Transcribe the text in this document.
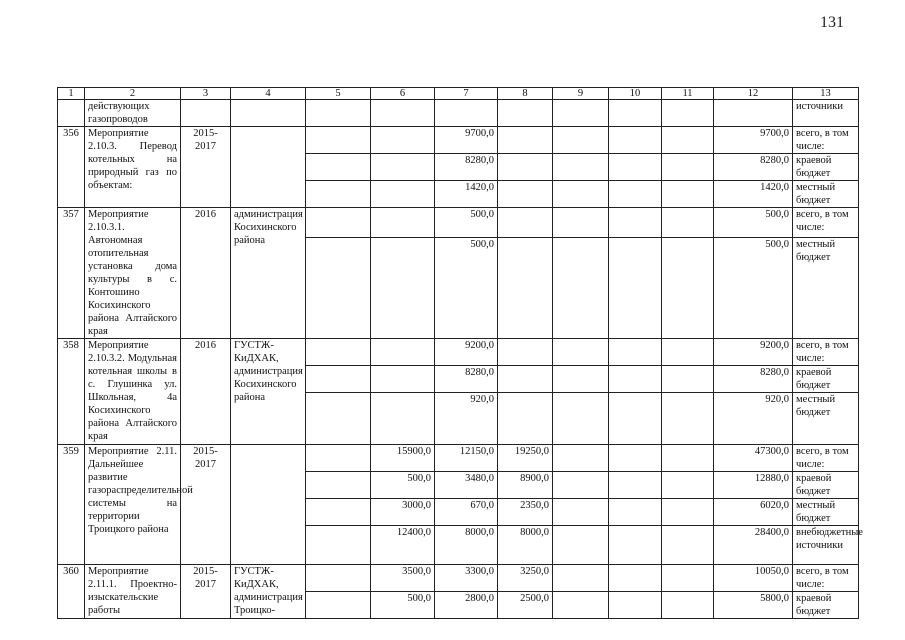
131
1	2	3	4	5	6	7	8	9	10	11	12	13
	действующих газопроводов											источники
356	Мероприятие 2.10.3. Перевод котельных на природный газ по объектам:	2015-2017				9700,0					9700,0	всего, в том числе:
						8280,0					8280,0	краевой бюджет
						1420,0					1420,0	местный бюджет
357	Мероприятие 2.10.3.1. Автономная отопительная установка дома культуры в с. Контошино Косихинского района Алтайского края	2016	администрация Косихинского района			500,0					500,0	всего, в том числе:
						500,0					500,0	местный бюджет
358	Мероприятие 2.10.3.2. Модульная котельная школы в с. Глушинка ул. Школьная, 4а Косихинского района Алтайского края	2016	ГУСТЖ-КиДХАК, администрация Косихинского района			9200,0					9200,0	всего, в том числе:
						8280,0					8280,0	краевой бюджет
						920,0					920,0	местный бюджет
359	Мероприятие 2.11. Дальнейшее развитие газораспределительной системы на территории Троицкого района	2015-2017			15900,0	12150,0	19250,0				47300,0	всего, в том числе:
					500,0	3480,0	8900,0				12880,0	краевой бюджет
					3000,0	670,0	2350,0				6020,0	местный бюджет
					12400,0	8000,0	8000,0				28400,0	внебюджетные источники
360	Мероприятие 2.11.1. Проектно-изыскательские работы	2015-2017	ГУСТЖ-КиДХАК, администрация Троицко-		3500,0	3300,0	3250,0				10050,0	всего, в том числе:
					500,0	2800,0	2500,0				5800,0	краевой бюджет
